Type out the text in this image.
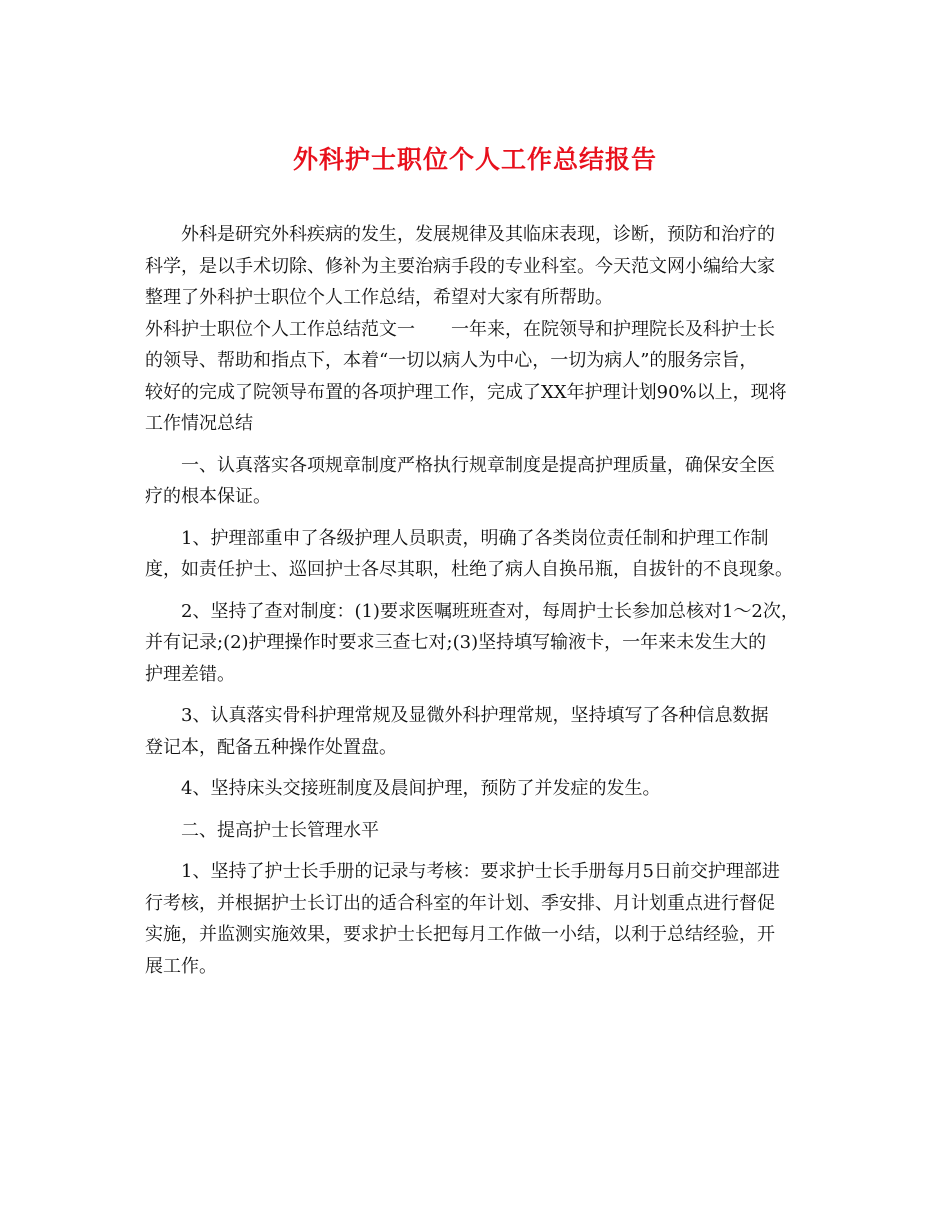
外科护士职位个人工作总结报告

外科是研究外科疾病的发生，发展规律及其临床表现，诊断，预防和治疗的

科学，是以手术切除、修补为主要治病手段的专业科室。今天范文网小编给大家

整理了外科护士职位个人工作总结，希望对大家有所帮助。

外科护士职位个人工作总结范文一　　一年来，在院领导和护理院长及科护士长

的领导、帮助和指点下，本着“一切以病人为中心，一切为病人”的服务宗旨，

较好的完成了院领导布置的各项护理工作，完成了XX年护理计划90%以上，现将

工作情况总结

一、认真落实各项规章制度严格执行规章制度是提高护理质量，确保安全医

疗的根本保证。

1、护理部重申了各级护理人员职责，明确了各类岗位责任制和护理工作制

度，如责任护士、巡回护士各尽其职，杜绝了病人自换吊瓶，自拔针的不良现象。

2、坚持了查对制度：(1)要求医嘱班班查对，每周护士长参加总核对1～2次，

并有记录;(2)护理操作时要求三查七对;(3)坚持填写输液卡，一年来未发生大的

护理差错。

3、认真落实骨科护理常规及显微外科护理常规，坚持填写了各种信息数据

登记本，配备五种操作处置盘。

4、坚持床头交接班制度及晨间护理，预防了并发症的发生。

二、提高护士长管理水平

1、坚持了护士长手册的记录与考核：要求护士长手册每月5日前交护理部进

行考核，并根据护士长订出的适合科室的年计划、季安排、月计划重点进行督促

实施，并监测实施效果，要求护士长把每月工作做一小结，以利于总结经验，开

展工作。
